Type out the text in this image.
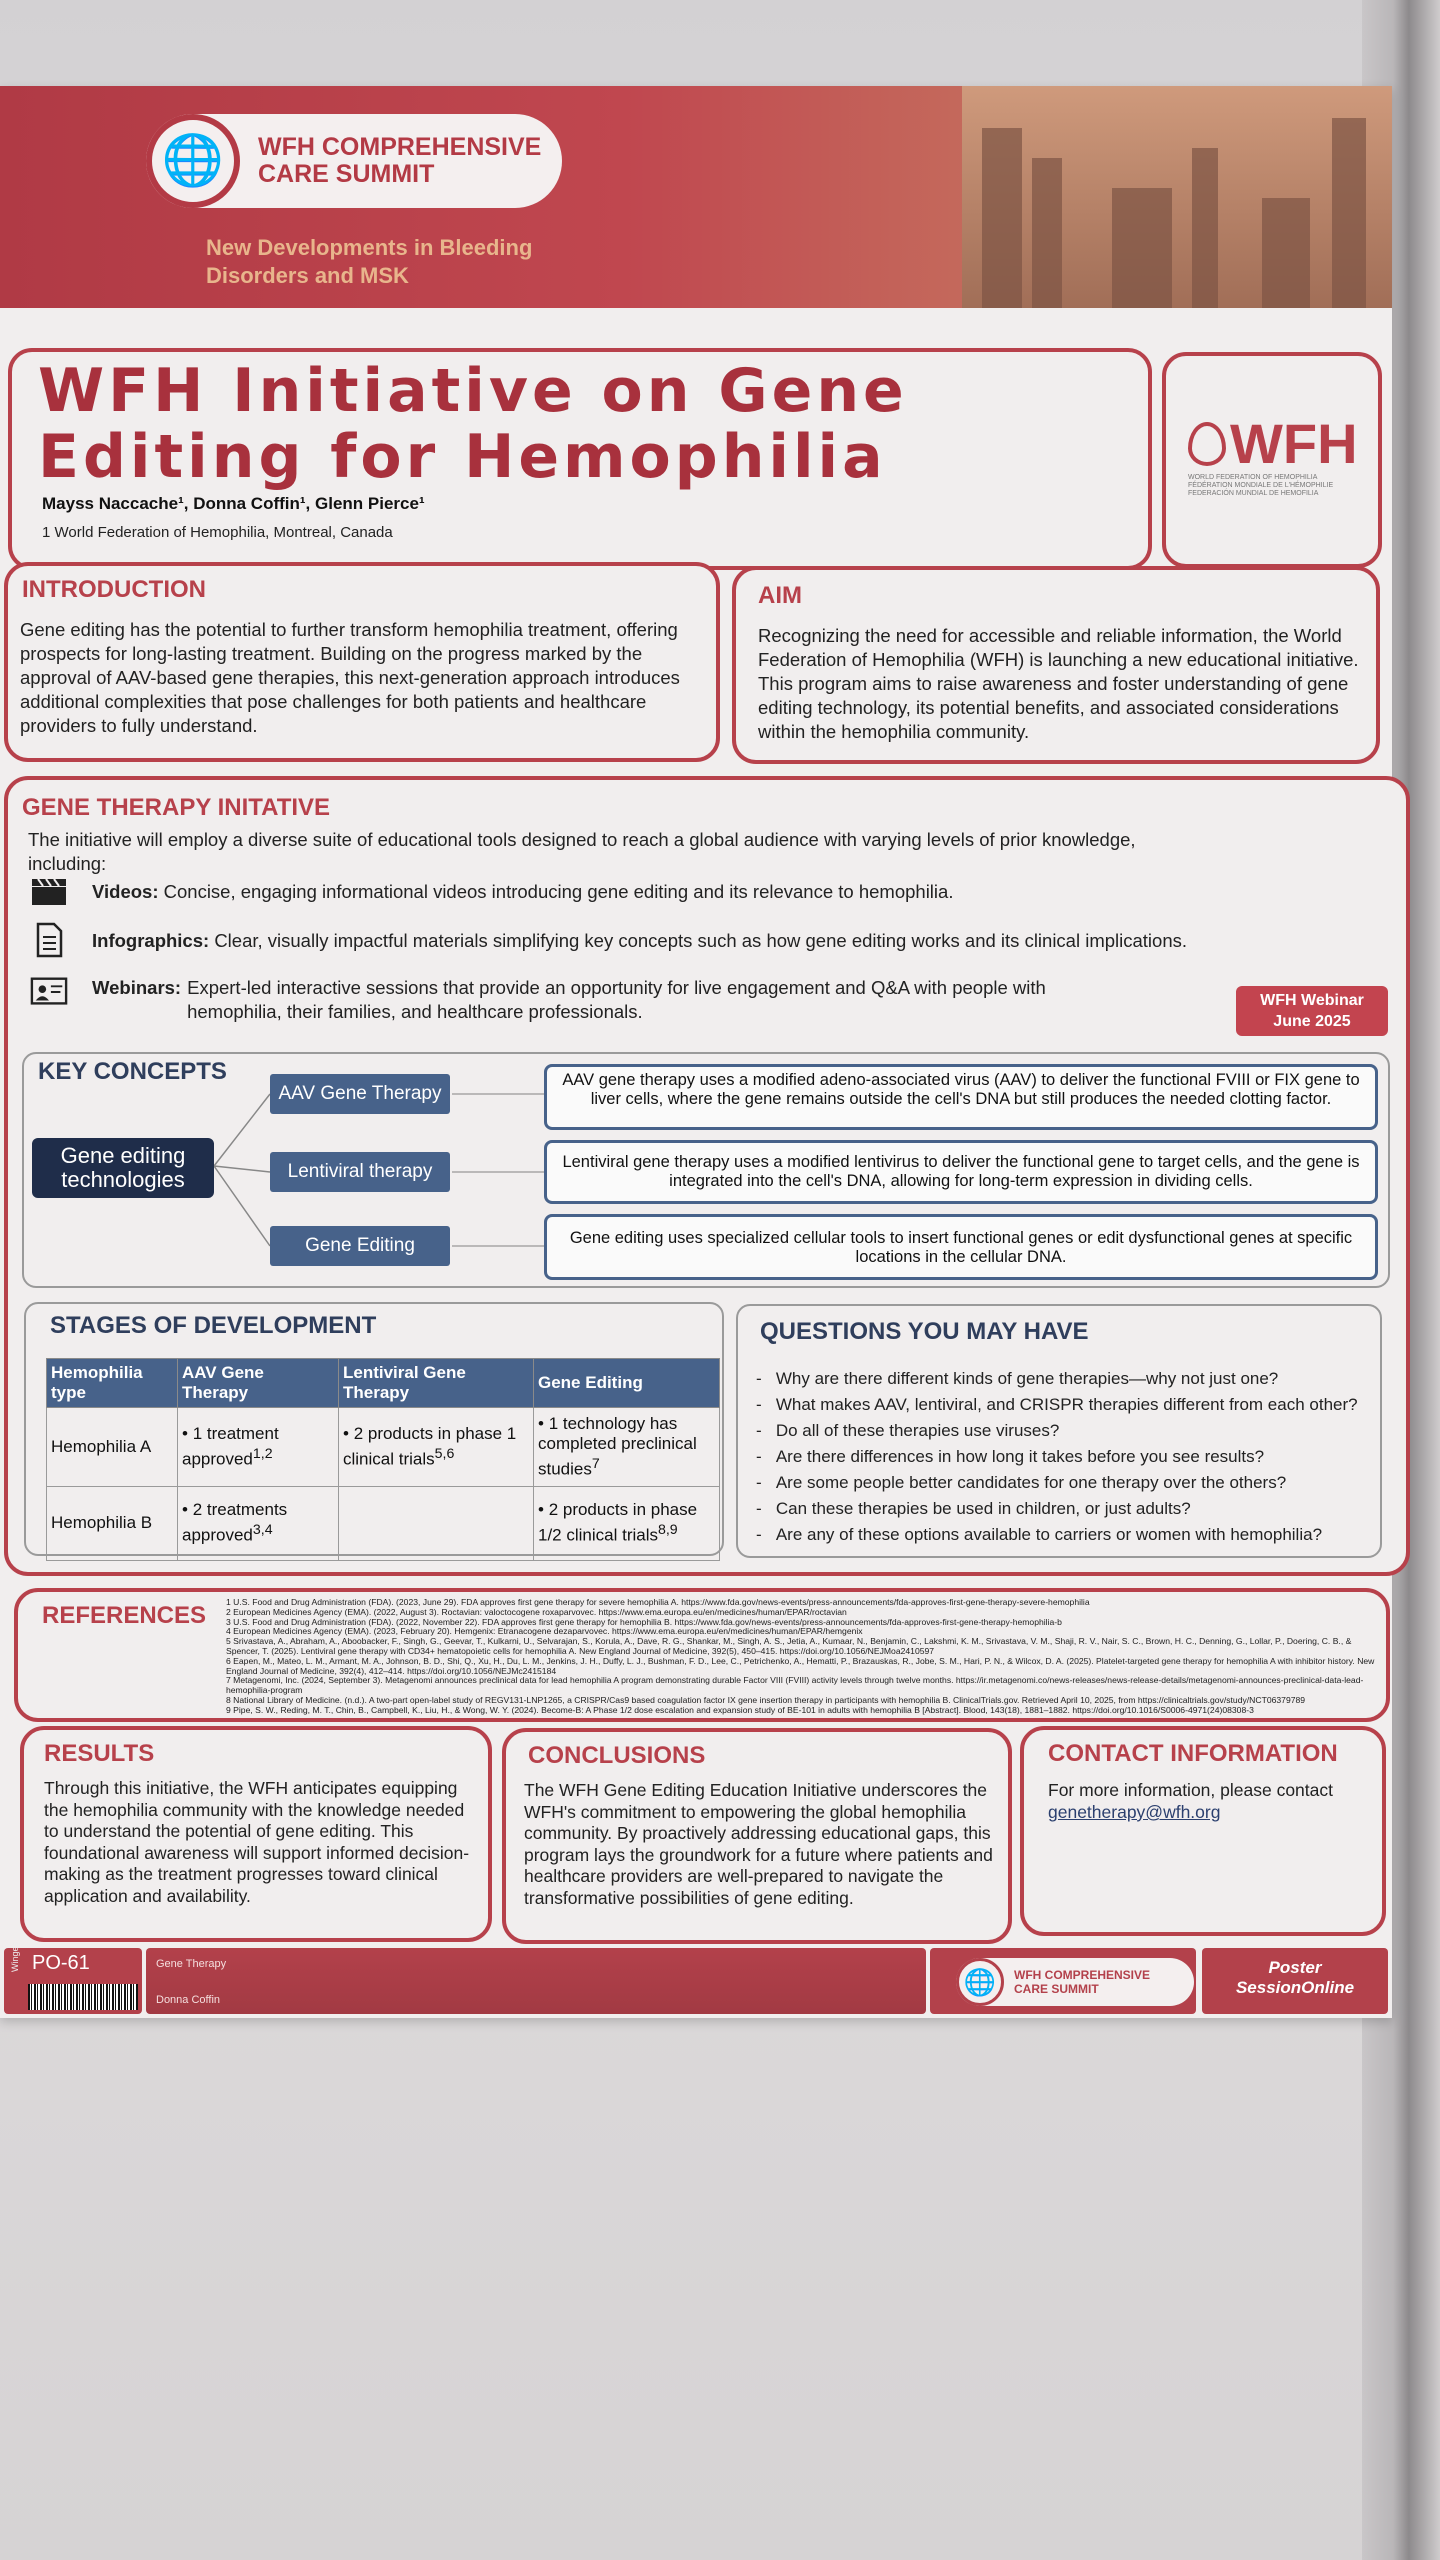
🌐	WFH COMPREHENSIVE
CARE SUMMIT
New Developments in Bleeding
Disorders and MSK
WFH Initiative on Gene
Editing for Hemophilia
Mayss Naccache¹, Donna Coffin¹, Glenn Pierce¹
1 World Federation of Hemophilia, Montreal, Canada
WFH
WORLD FEDERATION OF HEMOPHILIA
FÉDÉRATION MONDIALE DE L'HÉMOPHILIE
FEDERACIÓN MUNDIAL DE HEMOFILIA
INTRODUCTION
Gene editing has the potential to further transform hemophilia treatment, offering prospects for long-lasting treatment. Building on the progress marked by the approval of AAV-based gene therapies, this next-generation approach introduces additional complexities that pose challenges for both patients and healthcare providers to fully understand.
AIM
Recognizing the need for accessible and reliable information, the World Federation of Hemophilia (WFH) is launching a new educational initiative. This program aims to raise awareness and foster understanding of gene editing technology, its potential benefits, and associated considerations within the hemophilia community.
GENE THERAPY INITATIVE
The initiative will employ a diverse suite of educational tools designed to reach a global audience with varying levels of prior knowledge, including:
Videos: Concise, engaging informational videos introducing gene editing and its relevance to hemophilia.
Infographics: Clear, visually impactful materials simplifying key concepts such as how gene editing works and its clinical implications.
Webinars: Expert-led interactive sessions that provide an opportunity for live engagement and Q&A with people with hemophilia, their families, and healthcare professionals.
WFH Webinar
June 2025
KEY CONCEPTS
Gene editing technologies
AAV Gene Therapy
Lentiviral therapy
Gene Editing
AAV gene therapy uses a modified adeno-associated virus (AAV) to deliver the functional FVIII or FIX gene to liver cells, where the gene remains outside the cell's DNA but still produces the needed clotting factor.
Lentiviral gene therapy uses a modified lentivirus to deliver the functional gene to target cells, and the gene is integrated into the cell's DNA, allowing for long-term expression in dividing cells.
Gene editing uses specialized cellular tools to insert functional genes or edit dysfunctional genes at specific locations in the cellular DNA.
STAGES OF DEVELOPMENT
Hemophilia type	AAV Gene Therapy	Lentiviral Gene Therapy	Gene Editing
Hemophilia A	• 1 treatment approved$^{1,2}$	• 2 products in phase 1 clinical trials$^{5,6}$	• 1 technology has completed preclinical studies$^7$
Hemophilia B	• 2 treatments approved$^{3,4}$		• 2 products in phase 1/2 clinical trials$^{8,9}$
QUESTIONS YOU MAY HAVE
-   Why are there different kinds of gene therapies—why not just one?
-   What makes AAV, lentiviral, and CRISPR therapies different from each other?
-   Do all of these therapies use viruses?
-   Are there differences in how long it takes before you see results?
-   Are some people better candidates for one therapy over the others?
-   Can these therapies be used in children, or just adults?
-   Are any of these options available to carriers or women with hemophilia?
REFERENCES 1 U.S. Food and Drug Administration (FDA). (2023, June 29). FDA approves first gene therapy for severe hemophilia A. https://www.fda.gov/news-events/press-announcements/fda-approves-first-gene-therapy-severe-hemophilia
2 European Medicines Agency (EMA). (2022, August 3). Roctavian: valoctocogene roxaparvovec. https://www.ema.europa.eu/en/medicines/human/EPAR/roctavian
3 U.S. Food and Drug Administration (FDA). (2022, November 22). FDA approves first gene therapy for hemophilia B. https://www.fda.gov/news-events/press-announcements/fda-approves-first-gene-therapy-hemophilia-b
4 European Medicines Agency (EMA). (2023, February 20). Hemgenix: Etranacogene dezaparvovec. https://www.ema.europa.eu/en/medicines/human/EPAR/hemgenix
5 Srivastava, A., Abraham, A., Aboobacker, F., Singh, G., Geevar, T., Kulkarni, U., Selvarajan, S., Korula, A., Dave, R. G., Shankar, M., Singh, A. S., Jetia, A., Kumaar, N., Benjamin, C., Lakshmi, K. M., Srivastava, V. M., Shaji, R. V., Nair, S. C., Brown, H. C., Denning, G., Lollar, P., Doering, C. B., & Spencer, T. (2025). Lentiviral gene therapy with CD34+ hematopoietic cells for hemophilia A. New England Journal of Medicine, 392(5), 450–415. https://doi.org/10.1056/NEJMoa2410597
6 Eapen, M., Mateo, L. M., Armant, M. A., Johnson, B. D., Shi, Q., Xu, H., Du, L. M., Jenkins, J. H., Duffy, L. J., Bushman, F. D., Lee, C., Petrichenko, A., Hematti, P., Brazauskas, R., Jobe, S. M., Hari, P. N., & Wilcox, D. A. (2025). Platelet-targeted gene therapy for hemophilia A with inhibitor history. New England Journal of Medicine, 392(4), 412–414. https://doi.org/10.1056/NEJMc2415184
7 Metagenomi, Inc. (2024, September 3). Metagenomi announces preclinical data for lead hemophilia A program demonstrating durable Factor VIII (FVIII) activity levels through twelve months. https://ir.metagenomi.co/news-releases/news-release-details/metagenomi-announces-preclinical-data-lead-hemophilia-program
8 National Library of Medicine. (n.d.). A two-part open-label study of REGV131-LNP1265, a CRISPR/Cas9 based coagulation factor IX gene insertion therapy in participants with hemophilia B. ClinicalTrials.gov. Retrieved April 10, 2025, from https://clinicaltrials.gov/study/NCT06379789
9 Pipe, S. W., Reding, M. T., Chin, B., Campbell, K., Liu, H., & Wong, W. Y. (2024). Become-B: A Phase 1/2 dose escalation and expansion study of BE-101 in adults with hemophilia B [Abstract]. Blood, 143(18), 1881–1882. https://doi.org/10.1016/S0006-4971(24)08308-3
RESULTS
Through this initiative, the WFH anticipates equipping the hemophilia community with the knowledge needed to understand the potential of gene editing. This foundational awareness will support informed decision-making as the treatment progresses toward clinical application and availability.
CONCLUSIONS
The WFH Gene Editing Education Initiative underscores the WFH's commitment to empowering the global hemophilia community. By proactively addressing educational gaps, this program lays the groundwork for a future where patients and healthcare providers are well-prepared to navigate the transformative possibilities of gene editing.
CONTACT INFORMATION
For more information, please contact
genetherapy@wfh.org
Winges PO-61	Gene Therapy
Donna Coffin
🌐	WFH COMPREHENSIVE
CARE SUMMIT
Poster
SessionOnline
